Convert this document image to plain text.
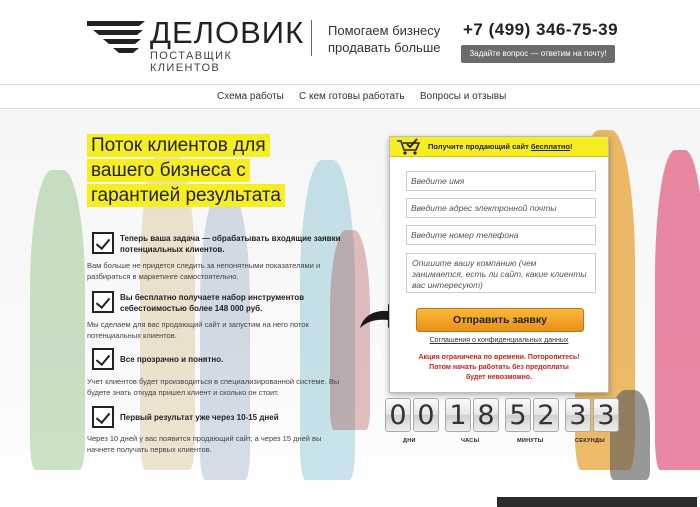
ДЕЛОВИК
ПОСТАВЩИК КЛИЕНТОВ
Помогаем бизнесу
продавать больше
+7 (499) 346-75-39
Задайте вопрос — ответим на почту!
Схема работы С кем готовы работать Вопросы и отзывы
Поток клиентов для
вашего бизнеса с
гарантией результата
Теперь ваша задача — обрабатывать входящие заявки потенциальных клиентов.
Вам больше не придется следить за непонятными показателями и разбираться в маркетинге самостоятельно.
Вы бесплатно получаете набор инструментов себестоимостью более 148 000 руб.
Мы сделаем для вас продающий сайт и запустим на него поток потенциальных клиентов.
Все прозрачно и понятно.
Учет клиентов будет производиться в специализированной системе. Вы будете знать откуда пришел клиент и сколько он стоит.
Первый результат уже через 10-15 дней
Через 10 дней у вас появится продающий сайт, а через 15 дней вы начнете получать первых клиентов.
Получите продающий сайт бесплатно!
Введите имя
Введите адрес электронной почты
Введите номер телефона
Опишите вашу компанию (чем занимается, есть ли сайт, какие клиенты вас интересуют)
Отправить заявку
Соглашения о конфиденциальных данных
Акция ограничена по времени. Поторопитесь!
Потом начать работать без предоплаты
будет невозможно.
0 0 1 8 5 2 3 3
ДНИ	ЧАСЫ	МИНУТЫ	СЕКУНДЫ
